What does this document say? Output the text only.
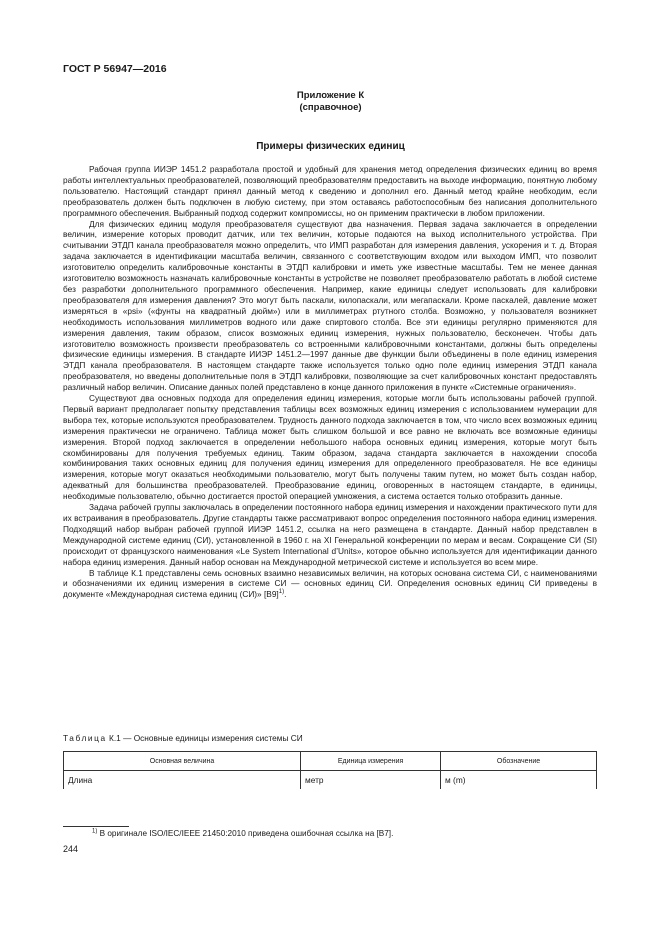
ГОСТ Р 56947—2016
Приложение К
(справочное)
Примеры физических единиц

Рабочая группа ИИЭР 1451.2 разработала простой и удобный для хранения метод определения физических единиц во время работы интеллектуальных преобразователей, позволяющий преобразователям предоставить на выходе информацию, понятную любому пользователю. Настоящий стандарт принял данный метод к сведению и дополнил его. Данный метод крайне необходим, если преобразователь должен быть подключен в любую систему, при этом оставаясь работоспособным без написания дополнительного программного обеспечения. Выбранный подход содержит компромиссы, но он применим практически в любом приложении.

Для физических единиц модуля преобразователя существуют два назначения. Первая задача заключается в определении величин, измерение которых проводит датчик, или тех величин, которые подаются на выход исполнительного устройства. При считывании ЭТДП канала преобразователя можно определить, что ИМП разработан для измерения давления, ускорения и т. д. Вторая задача заключается в идентификации масштаба величин, связанного с соответствующим входом или выходом ИМП, что позволит изготовителю определить калибровочные константы в ЭТДП калибровки и иметь уже известные масштабы. Тем не менее данная изготовителю возможность назначать калибровочные константы в устройстве не позволяет преобразователю работать в любой системе без разработки дополнительного программного обеспечения. Например, какие единицы следует использовать для калибровки преобразователя для измерения давления? Это могут быть паскали, килопаскали, или мегапаскали. Кроме паскалей, давление может измеряться в «psi» («фунты на квадратный дюйм») или в миллиметрах ртутного столба. Возможно, у пользователя возникнет необходимость использования миллиметров водного или даже спиртового столба. Все эти единицы регулярно применяются для измерения давления, таким образом, список возможных единиц измерения, нужных пользователю, бесконечен. Чтобы дать изготовителю возможность произвести преобразователь со встроенными калибровочными константами, должны быть определены физические единицы измерения. В стандарте ИИЭР 1451.2—1997 данные две функции были объединены в поле единиц измерения ЭТДП канала преобразователя. В настоящем стандарте также используется только одно поле единиц измерения ЭТДП канала преобразователя, но введены дополнительные поля в ЭТДП калибровки, позволяющие за счет калибровочных констант предоставлять различный набор величин. Описание данных полей представлено в конце данного приложения в пункте «Системные ограничения».

Существуют два основных подхода для определения единиц измерения, которые могли быть использованы рабочей группой. Первый вариант предполагает попытку представления таблицы всех возможных единиц измерения с использованием нумерации для выбора тех, которые используются преобразователем. Трудность данного подхода заключается в том, что число всех возможных единиц измерения практически не ограничено. Таблица может быть слишком большой и все равно не включать все возможные единицы измерения. Второй подход заключается в определении небольшого набора основных единиц измерения, которые могут быть скомбинированы для получения требуемых единиц. Таким образом, задача стандарта заключается в нахождении способа комбинирования таких основных единиц для получения единиц измерения для определенного преобразователя. Не все единицы измерения, которые могут оказаться необходимыми пользователю, могут быть получены таким путем, но может быть создан набор, адекватный для большинства преобразователей. Преобразование единиц, оговоренных в настоящем стандарте, в единицы, необходимые пользователю, обычно достигается простой операцией умножения, а система остается только отобразить данные.

Задача рабочей группы заключалась в определении постоянного набора единиц измерения и нахождении практического пути для их встраивания в преобразователь. Другие стандарты также рассматривают вопрос определения постоянного набора единиц измерения. Подходящий набор выбран рабочей группой ИИЭР 1451.2, ссылка на него размещена в стандарте. Данный набор представлен в Международной системе единиц (СИ), установленной в 1960 г. на XI Генеральной конференции по мерам и весам. Сокращение СИ (SI) происходит от французского наименования «Le System International d’Units», которое обычно используется для идентификации данного набора единиц измерения. Данный набор основан на Международной метрической системе и используется во всем мире.

В таблице К.1 представлены семь основных взаимно независимых величин, на которых основана система СИ, с наименованиями и обозначениями их единиц измерения в системе СИ — основных единиц СИ. Определения основных единиц СИ приведены в документе «Международная система единиц (СИ)» [В9]$^{1)}$.

Таблица К.1 — Основные единицы измерения системы СИ
Основная величина	Единица измерения	Обозначение
Длина	метр	м (m)
$^{1)}$ В оригинале ISO/IEC/IEEE 21450:2010 приведена ошибочная ссылка на [В7].
244
